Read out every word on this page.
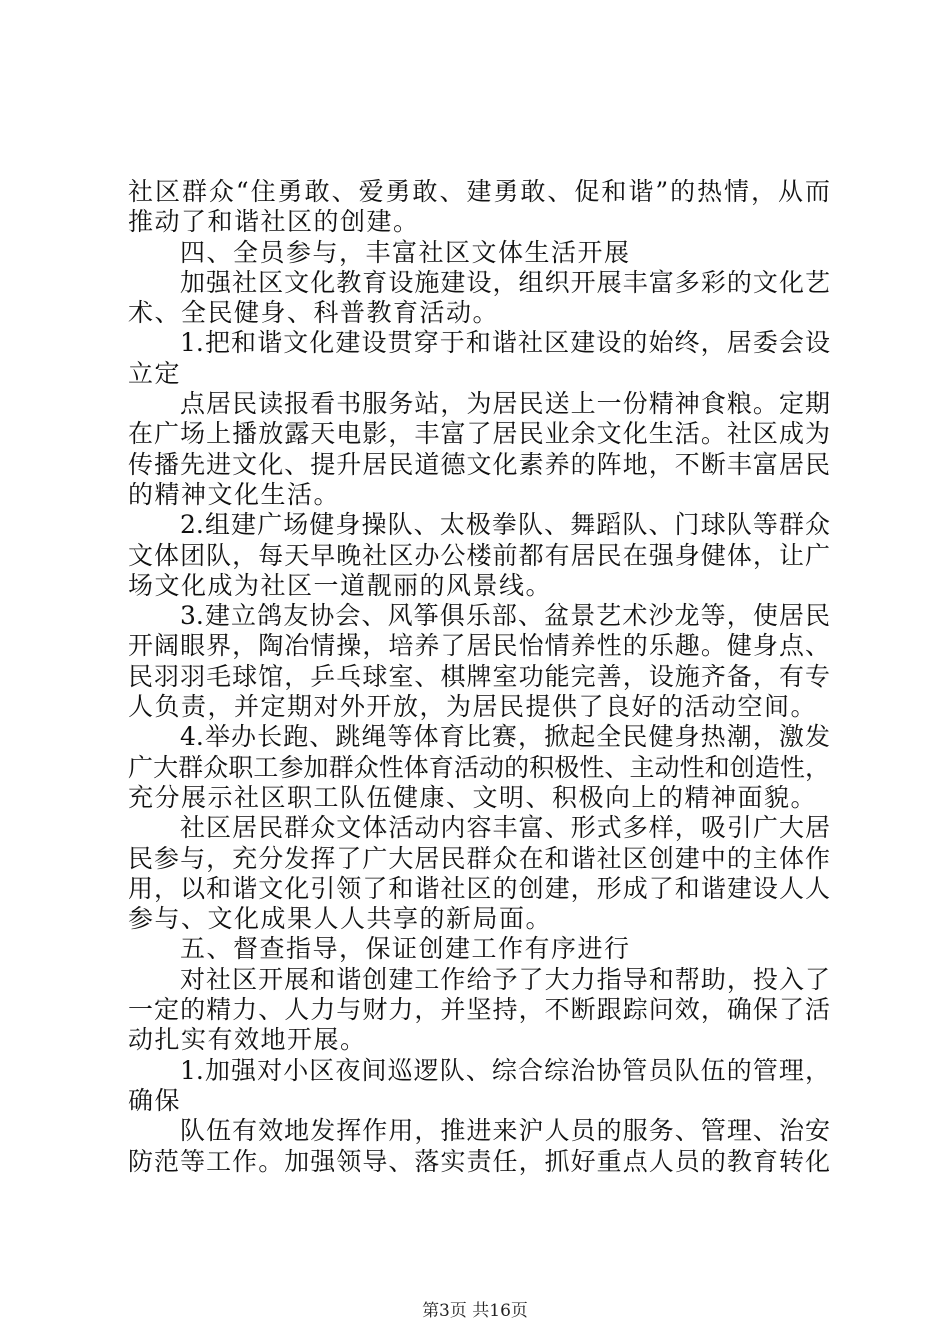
社区群众“住勇敢、爱勇敢、建勇敢、促和谐”的热情，从而
推动了和谐社区的创建。
四、全员参与，丰富社区文体生活开展
加强社区文化教育设施建设，组织开展丰富多彩的文化艺
术、全民健身、科普教育活动。
1.把和谐文化建设贯穿于和谐社区建设的始终，居委会设
立定
点居民读报看书服务站，为居民送上一份精神食粮。定期
在广场上播放露天电影，丰富了居民业余文化生活。社区成为
传播先进文化、提升居民道德文化素养的阵地，不断丰富居民
的精神文化生活。
2.组建广场健身操队、太极拳队、舞蹈队、门球队等群众
文体团队，每天早晚社区办公楼前都有居民在强身健体，让广
场文化成为社区一道靓丽的风景线。
3.建立鸽友协会、风筝俱乐部、盆景艺术沙龙等，使居民
开阔眼界，陶冶情操，培养了居民怡情养性的乐趣。健身点、
民羽羽毛球馆，乒乓球室、棋牌室功能完善，设施齐备，有专
人负责，并定期对外开放，为居民提供了良好的活动空间。
4.举办长跑、跳绳等体育比赛，掀起全民健身热潮，激发
广大群众职工参加群众性体育活动的积极性、主动性和创造性，
充分展示社区职工队伍健康、文明、积极向上的精神面貌。
社区居民群众文体活动内容丰富、形式多样，吸引广大居
民参与，充分发挥了广大居民群众在和谐社区创建中的主体作
用，以和谐文化引领了和谐社区的创建，形成了和谐建设人人
参与、文化成果人人共享的新局面。
五、督查指导，保证创建工作有序进行
对社区开展和谐创建工作给予了大力指导和帮助，投入了
一定的精力、人力与财力，并坚持，不断跟踪问效，确保了活
动扎实有效地开展。
1.加强对小区夜间巡逻队、综合综治协管员队伍的管理，
确保
队伍有效地发挥作用，推进来沪人员的服务、管理、治安
防范等工作。加强领导、落实责任，抓好重点人员的教育转化
第3页 共16页
